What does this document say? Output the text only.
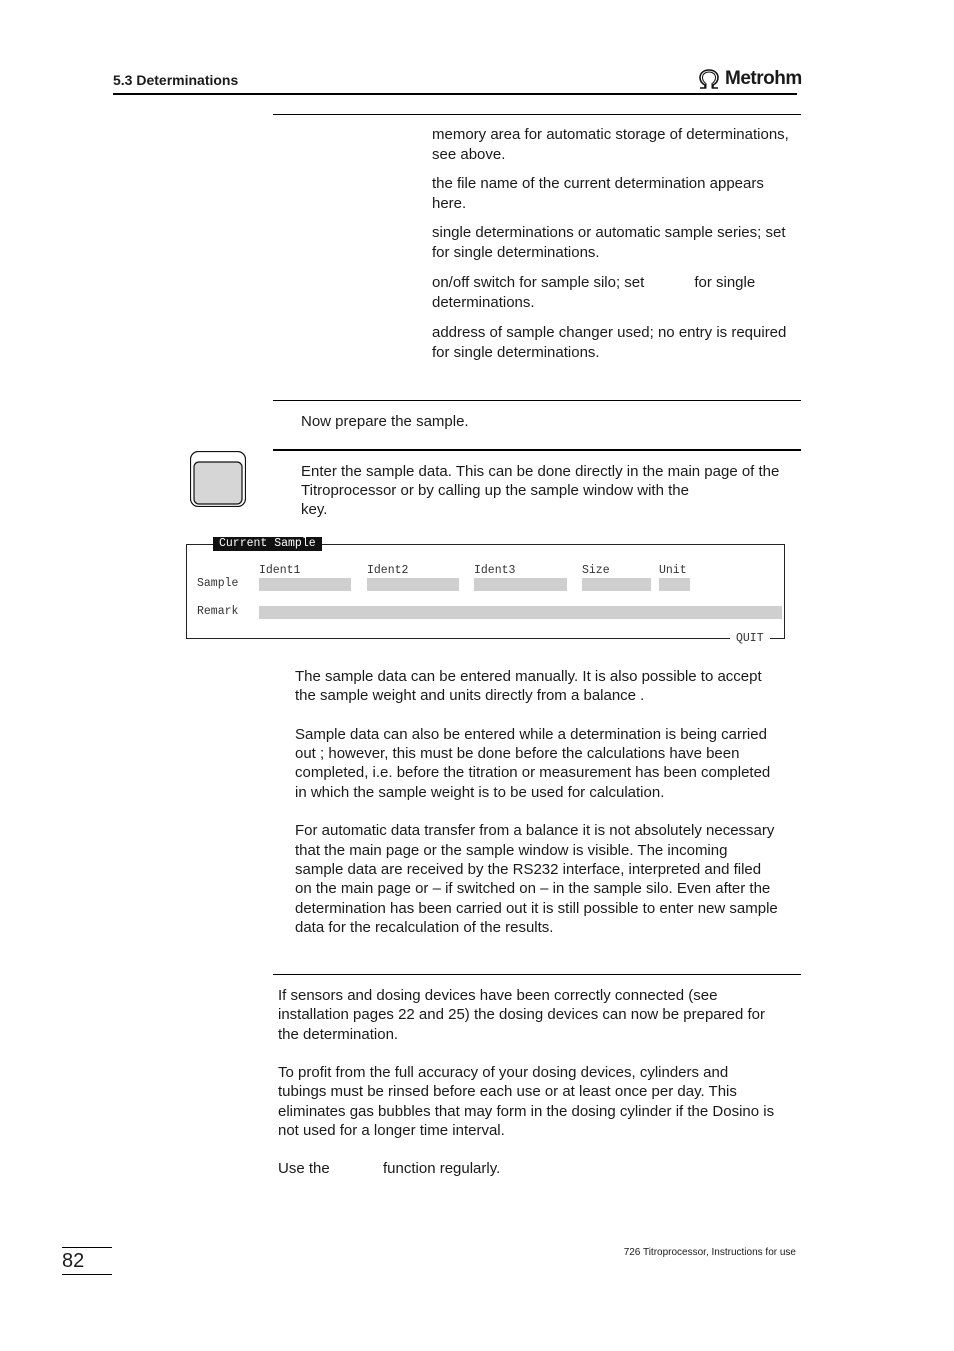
5.3 Determinations	Metrohm

memory area for automatic storage of determinations, see above.

the file name of the current determination appears here.

single determinations or automatic sample series; set            for single determinations.

on/off switch for sample silo; set            for single determinations.

address of sample changer used; no entry is required for single determinations.

Now prepare the sample.

Enter the sample data. This can be done directly in the main page of the

Titroprocessor or by calling up the sample window with the

key.

Current Sample
Ident1	Ident2	Ident3	Size	Unit
Sample
Remark
QUIT

The sample data can be entered manually. It is also possible to accept

the sample weight and units directly from a balance .

Sample data can also be entered while a determination is being carried

out ; however, this must be done before the calculations have been

completed, i.e. before the titration or measurement has been completed

in which the sample weight is to be used for calculation.

For automatic data transfer from a balance it is not absolutely necessary

that the main page or the sample window is visible. The incoming

sample data are received by the RS232 interface, interpreted and filed

on the main page or – if switched on – in the sample silo. Even after the

determination has been carried out it is still possible to enter new sample

data for the recalculation of the results.

If sensors and dosing devices have been correctly connected (see

installation pages 22 and 25) the dosing devices can now be prepared for

the determination.

To profit from the full accuracy of your dosing devices, cylinders and

tubings must be rinsed before each use or at least once per day. This

eliminates gas bubbles that may form in the dosing cylinder if the Dosino is

not used for a longer time interval.

Use the	function regularly.

82	726 Titroprocessor, Instructions for use
